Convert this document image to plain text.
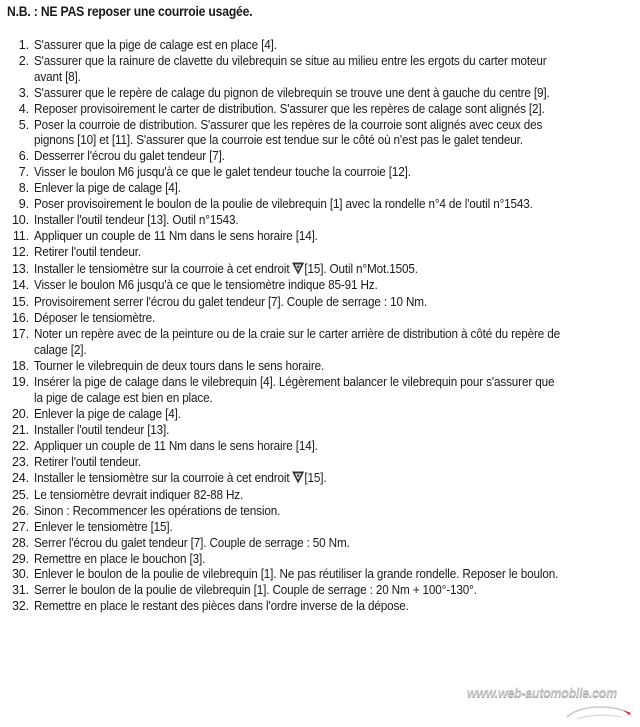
N.B. : NE PAS reposer une courroie usagée.
1. S'assurer que la pige de calage est en place [4].
2. S'assurer que la rainure de clavette du vilebrequin se situe au milieu entre les ergots du carter moteur avant [8].
3. S'assurer que le repère de calage du pignon de vilebrequin se trouve une dent à gauche du centre [9].
4. Reposer provisoirement le carter de distribution. S'assurer que les repères de calage sont alignés [2].
5. Poser la courroie de distribution. S'assurer que les repères de la courroie sont alignés avec ceux des pignons [10] et [11]. S'assurer que la courroie est tendue sur le côté où n'est pas le galet tendeur.
6. Desserrer l'écrou du galet tendeur [7].
7. Visser le boulon M6 jusqu'à ce que le galet tendeur touche la courroie [12].
8. Enlever la pige de calage [4].
9. Poser provisoirement le boulon de la poulie de vilebrequin [1] avec la rondelle n°4 de l'outil n°1543.
10. Installer l'outil tendeur [13]. Outil n°1543.
11. Appliquer un couple de 11 Nm dans le sens horaire [14].
12. Retirer l'outil tendeur.
13. Installer le tensiomètre sur la courroie à cet endroit [15]. Outil n°Mot.1505.
14. Visser le boulon M6 jusqu'à ce que le tensiomètre indique 85-91 Hz.
15. Provisoirement serrer l'écrou du galet tendeur [7]. Couple de serrage : 10 Nm.
16. Déposer le tensiomètre.
17. Noter un repère avec de la peinture ou de la craie sur le carter arrière de distribution à côté du repère de calage [2].
18. Tourner le vilebrequin de deux tours dans le sens horaire.
19. Insérer la pige de calage dans le vilebrequin [4]. Légèrement balancer le vilebrequin pour s'assurer que la pige de calage est bien en place.
20. Enlever la pige de calage [4].
21. Installer l'outil tendeur [13].
22. Appliquer un couple de 11 Nm dans le sens horaire [14].
23. Retirer l'outil tendeur.
24. Installer le tensiomètre sur la courroie à cet endroit [15].
25. Le tensiomètre devrait indiquer 82-88 Hz.
26. Sinon : Recommencer les opérations de tension.
27. Enlever le tensiomètre [15].
28. Serrer l'écrou du galet tendeur [7]. Couple de serrage : 50 Nm.
29. Remettre en place le bouchon [3].
30. Enlever le boulon de la poulie de vilebrequin [1]. Ne pas réutiliser la grande rondelle. Reposer le boulon.
31. Serrer le boulon de la poulie de vilebrequin [1]. Couple de serrage : 20 Nm + 100°-130°.
32. Remettre en place le restant des pièces dans l'ordre inverse de la dépose.
www.web-automobile.com
